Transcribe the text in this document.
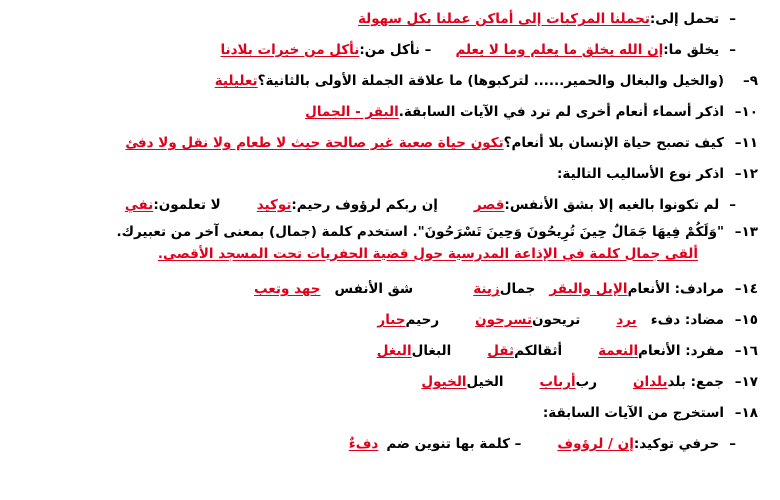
–
تحمل إلى:
تحملنا المركبات إلى أماكن عملنا بكل سهولة
–
يخلق ما:
إن الله يخلق ما يعلم وما لا يعلم
– نأكل من:
نأكل من خيرات بلادنا
٩–
(والخيل والبغال والحمير...... لتركبوها) ما علاقة الجملة الأولى بالثانية؟
تعليلية
١٠–
اذكر أسماء أنعام أخرى لم ترد في الآيات السابقة.
البقر - الجمال
١١–
كيف تصبح حياة الإنسان بلا أنعام؟
تكون حياة صعبة غير صالحة حيث لا طعام ولا نقل ولا دفئ
١٢–
اذكر نوع الأساليب التالية:
–
لم تكونوا بالغيه إلا بشق الأنفس:
قصر
إن ربكم لرؤوف رحيم:
توكيد
لا تعلمون:
نفي
١٣–
"وَلَكُمْ فِيهَا جَمَالٌ حِينَ تُرِيحُونَ وَحِينَ تَسْرَحُونَ". استخدم كلمة (جمال) بمعنى آخر من تعبيرك.
ألقى جمال كلمة في الإذاعة المدرسية حول قضية الحفريات تحت المسجد الأقصى.
١٤–
مرادف: الأنعام
الإبل والبقر
جمال
زينة
شق الأنفس
جهد وتعب
١٥–
مضاد: دفء
برد
تريحون
تسرحون
رحيم
جبار
١٦–
مفرد: الأنعام
النعمة
أثقالكم
ثقل
البغال
البغل
١٧–
جمع: بلد
بلدان
رب
أرباب
الخيل
الخيول
١٨–
استخرج من الآيات السابقة:
–
حرفي توكيد:
إن / لرؤوف
– كلمة بها تنوين ضم
دفءٌ
